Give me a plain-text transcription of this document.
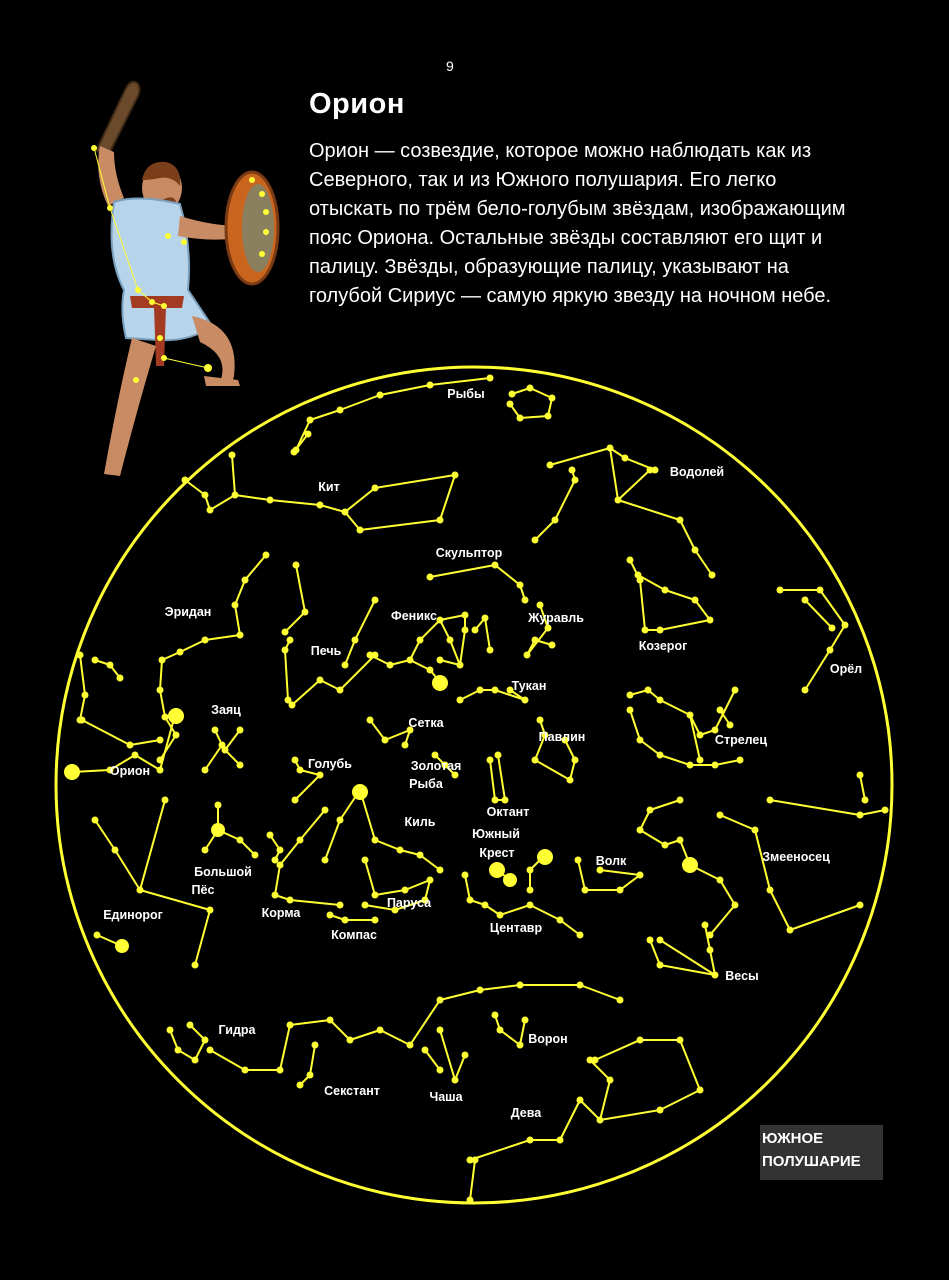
9
Орион
Орион — созвездие, которое можно наблюдать как из Северного, так и из Южного полушария. Его легко отыскать по трём бело-голубым звёздам, изображающим пояс Ориона. Остальные звёзды составляют его щит и палицу. Звёзды, образующие палицу, указывают на голубой Сириус — самую яркую звезду на ночном небе.
Рыбы
Водолей
Кит
Скульптор
Эридан	Феникс	Журавль
Козерог
Печь
Тукан
Орёл
Заяц
Сетка
Павлин	Стрелец
Орион	Голубь	Золотая
Рыба
Октант
Киль
Южный
Крест	Змееносец
Большой
Пёс
Волк
Корма
Паруса
Единорог
Компас	Центавр
Весы
Гидра
Ворон
Секстант	Чаша
Дева
ЮЖНОЕ
ПОЛУШАРИЕ
